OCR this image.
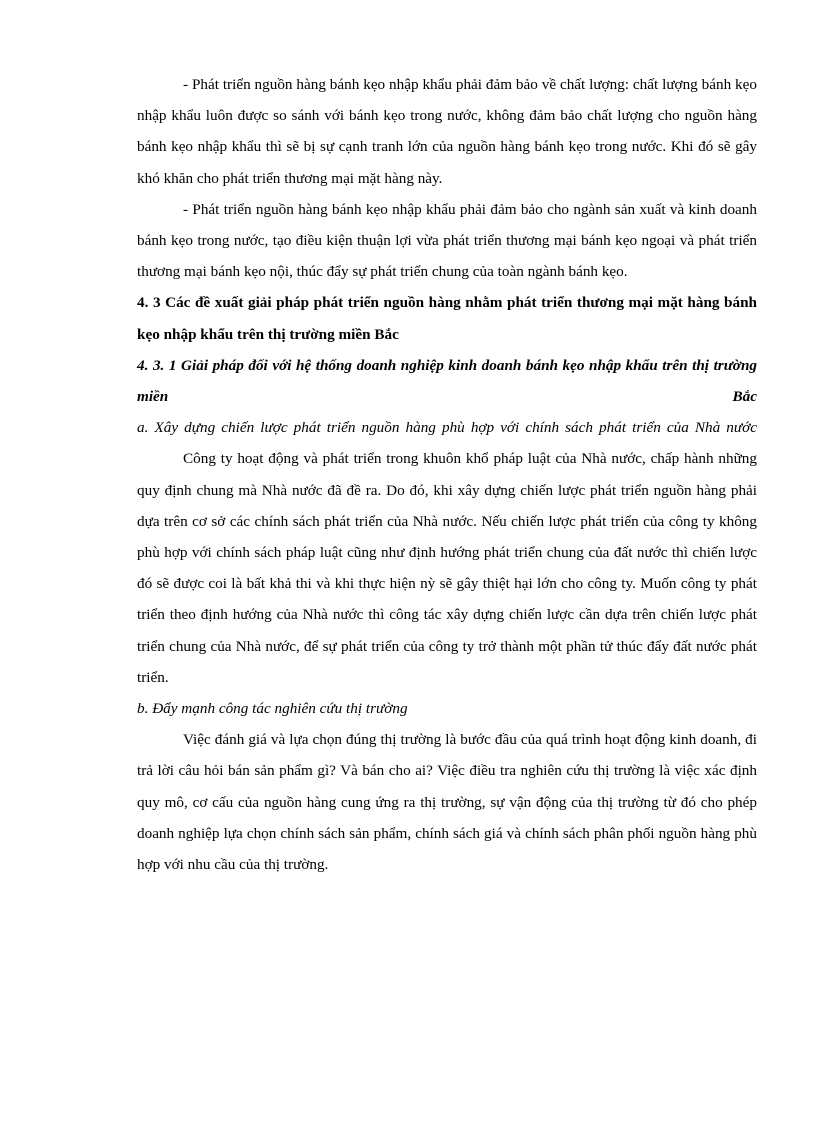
- Phát triển nguồn hàng bánh kẹo nhập khẩu phải đảm bảo về chất lượng: chất lượng bánh kẹo nhập khẩu luôn được so sánh với bánh kẹo trong nước, không đảm bảo chất lượng cho nguồn hàng bánh kẹo nhập khẩu thì sẽ bị sự cạnh tranh lớn của nguồn hàng bánh kẹo trong nước. Khi đó sẽ gây khó khăn cho phát triển thương mại mặt hàng này.

- Phát triển nguồn hàng bánh kẹo nhập khẩu phải đảm bảo cho ngành sản xuất và kinh doanh bánh kẹo trong nước, tạo điều kiện thuận lợi vừa phát triển thương mại bánh kẹo ngoại và phát triển thương mại bánh kẹo nội, thúc đẩy sự phát triển chung của toàn ngành bánh kẹo.

4. 3 Các đề xuất giải pháp phát triển nguồn hàng nhằm phát triển thương mại mặt hàng bánh kẹo nhập khẩu trên thị trường miền Bắc

4. 3. 1 Giải pháp đối với hệ thống doanh nghiệp kinh doanh bánh kẹo nhập khẩu trên thị trường miền Bắc

a. Xây dựng chiến lược phát triển nguồn hàng phù hợp với chính sách phát triển của Nhà nước

Công ty hoạt động và phát triển trong khuôn khổ pháp luật của Nhà nước, chấp hành những quy định chung mà Nhà nước đã đề ra. Do đó, khi xây dựng chiến lược phát triển nguồn hàng phải dựa trên cơ sở các chính sách phát triển của Nhà nước. Nếu chiến lược phát triển của công ty không phù hợp với chính sách pháp luật cũng như định hướng phát triển chung của đất nước thì chiến lược đó sẽ được coi là bất khả thi và khi thực hiện nỳ sẽ gây thiệt hại lớn cho công ty. Muốn công ty phát triển theo định hướng của Nhà nước thì công tác xây dựng chiến lược cần dựa trên chiến lược phát triển chung của Nhà nước, để sự phát triển của công ty trở thành một phần tử thúc đẩy đất nước phát triển.

b. Đẩy mạnh công tác nghiên cứu thị trường

Việc đánh giá và lựa chọn đúng thị trường là bước đầu của quá trình hoạt động kinh doanh, đi trả lời câu hỏi bán sản phẩm gì? Và bán cho ai? Việc điều tra nghiên cứu thị trường là việc xác định quy mô, cơ cấu của nguồn hàng cung ứng ra thị trường, sự vận động của thị trường từ đó cho phép doanh nghiệp lựa chọn chính sách sản phẩm, chính sách giá và chính sách phân phối nguồn hàng phù hợp với nhu cầu của thị trường.
